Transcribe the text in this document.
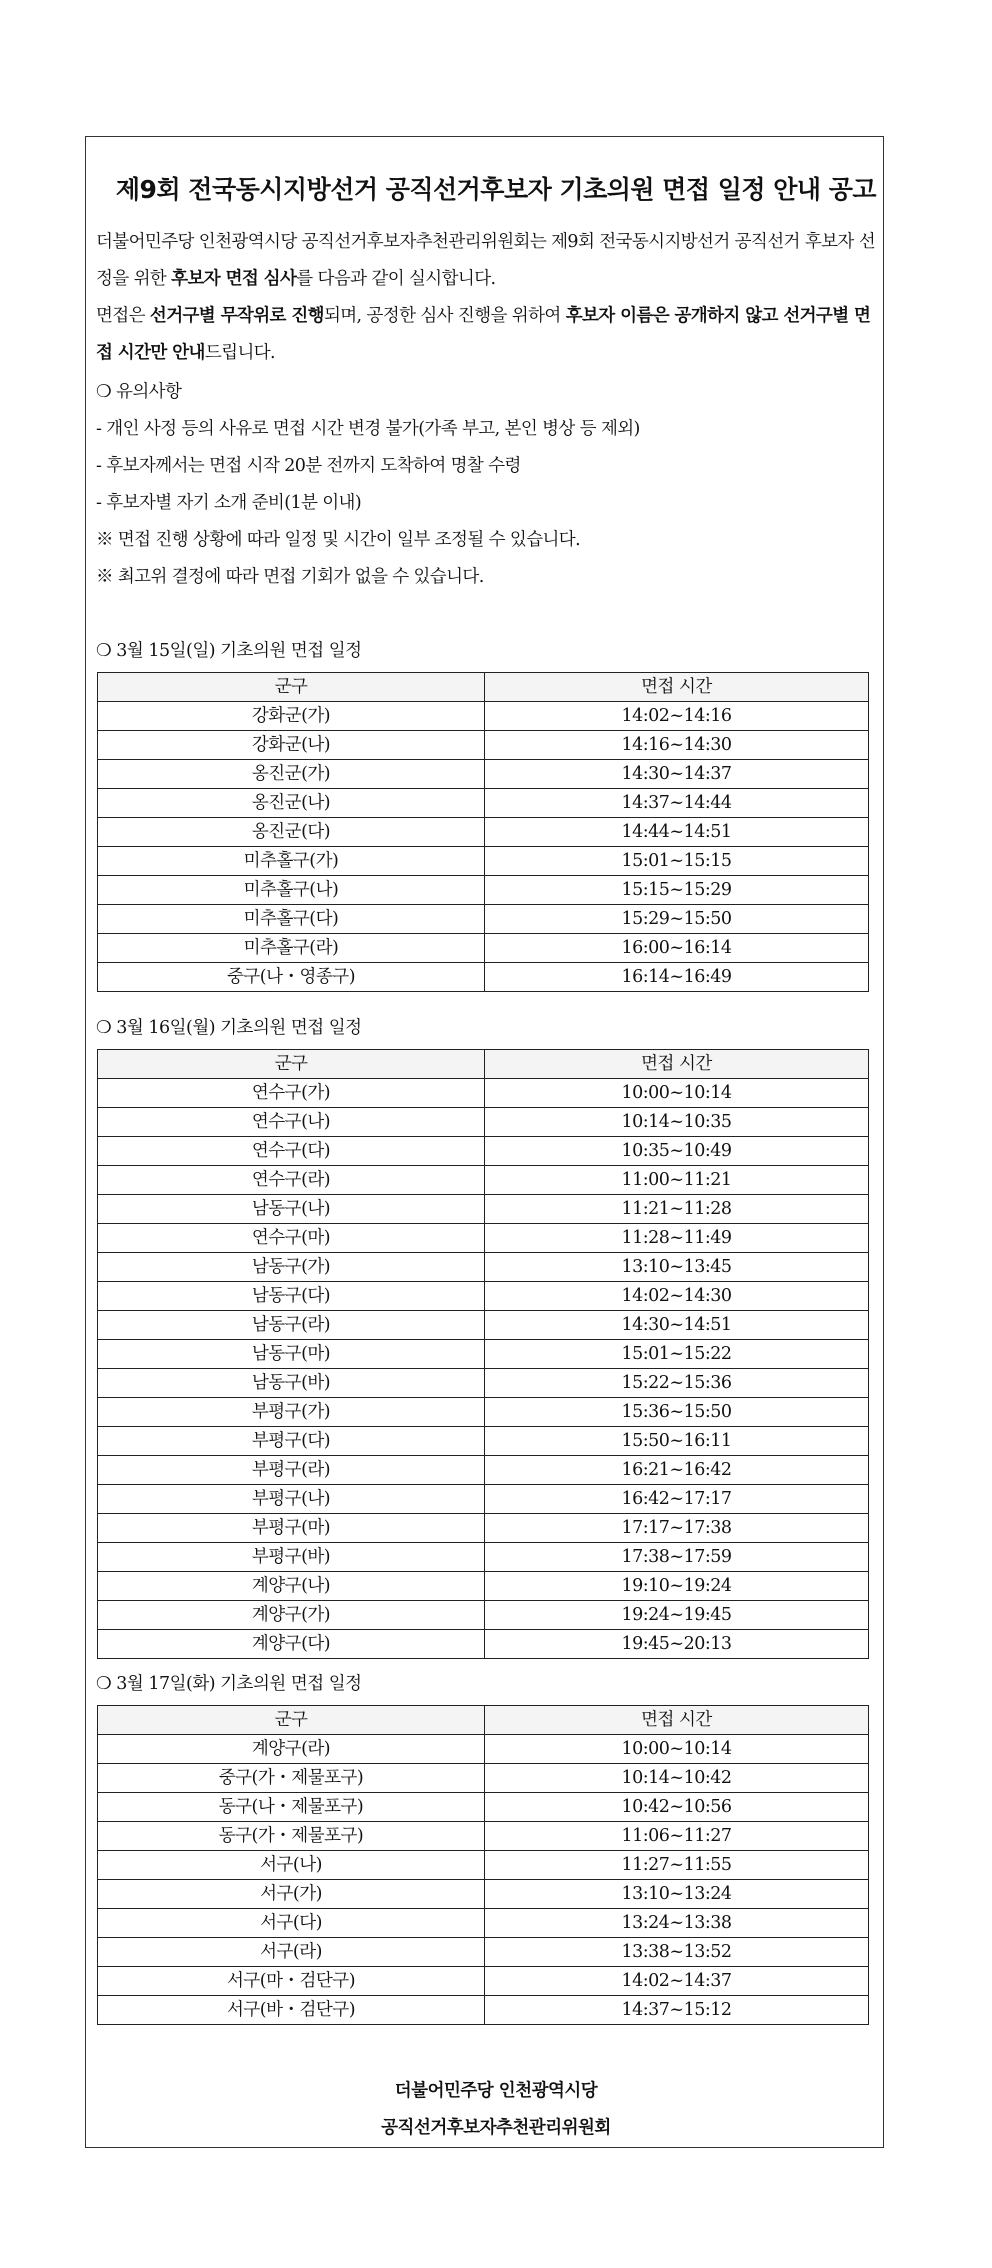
제9회 전국동시지방선거 공직선거후보자 기초의원 면접 일정 안내 공고

더불어민주당 인천광역시당 공직선거후보자추천관리위원회는 제9회 전국동시지방선거 공직선거 후보자 선정을 위한 후보자 면접 심사를 다음과 같이 실시합니다.

면접은 선거구별 무작위로 진행되며, 공정한 심사 진행을 위하여 후보자 이름은 공개하지 않고 선거구별 면접 시간만 안내드립니다.

❍ 유의사항
- 개인 사정 등의 사유로 면접 시간 변경 불가(가족 부고, 본인 병상 등 제외)
- 후보자께서는 면접 시작 20분 전까지 도착하여 명찰 수령
- 후보자별 자기 소개 준비(1분 이내)
※ 면접 진행 상황에 따라 일정 및 시간이 일부 조정될 수 있습니다.
※ 최고위 결정에 따라 면접 기회가 없을 수 있습니다.
❍ 3월 15일(일) 기초의원 면접 일정
군구	면접 시간
강화군(가)	14:02~14:16
강화군(나)	14:16~14:30
옹진군(가)	14:30~14:37
옹진군(나)	14:37~14:44
옹진군(다)	14:44~14:51
미추홀구(가)	15:01~15:15
미추홀구(나)	15:15~15:29
미추홀구(다)	15:29~15:50
미추홀구(라)	16:00~16:14
중구(나・영종구)	16:14~16:49
❍ 3월 16일(월) 기초의원 면접 일정
군구	면접 시간
연수구(가)	10:00~10:14
연수구(나)	10:14~10:35
연수구(다)	10:35~10:49
연수구(라)	11:00~11:21
남동구(나)	11:21~11:28
연수구(마)	11:28~11:49
남동구(가)	13:10~13:45
남동구(다)	14:02~14:30
남동구(라)	14:30~14:51
남동구(마)	15:01~15:22
남동구(바)	15:22~15:36
부평구(가)	15:36~15:50
부평구(다)	15:50~16:11
부평구(라)	16:21~16:42
부평구(나)	16:42~17:17
부평구(마)	17:17~17:38
부평구(바)	17:38~17:59
계양구(나)	19:10~19:24
계양구(가)	19:24~19:45
계양구(다)	19:45~20:13
❍ 3월 17일(화) 기초의원 면접 일정
군구	면접 시간
계양구(라)	10:00~10:14
중구(가・제물포구)	10:14~10:42
동구(나・제물포구)	10:42~10:56
동구(가・제물포구)	11:06~11:27
서구(나)	11:27~11:55
서구(가)	13:10~13:24
서구(다)	13:24~13:38
서구(라)	13:38~13:52
서구(마・검단구)	14:02~14:37
서구(바・검단구)	14:37~15:12
더불어민주당 인천광역시당
공직선거후보자추천관리위원회
